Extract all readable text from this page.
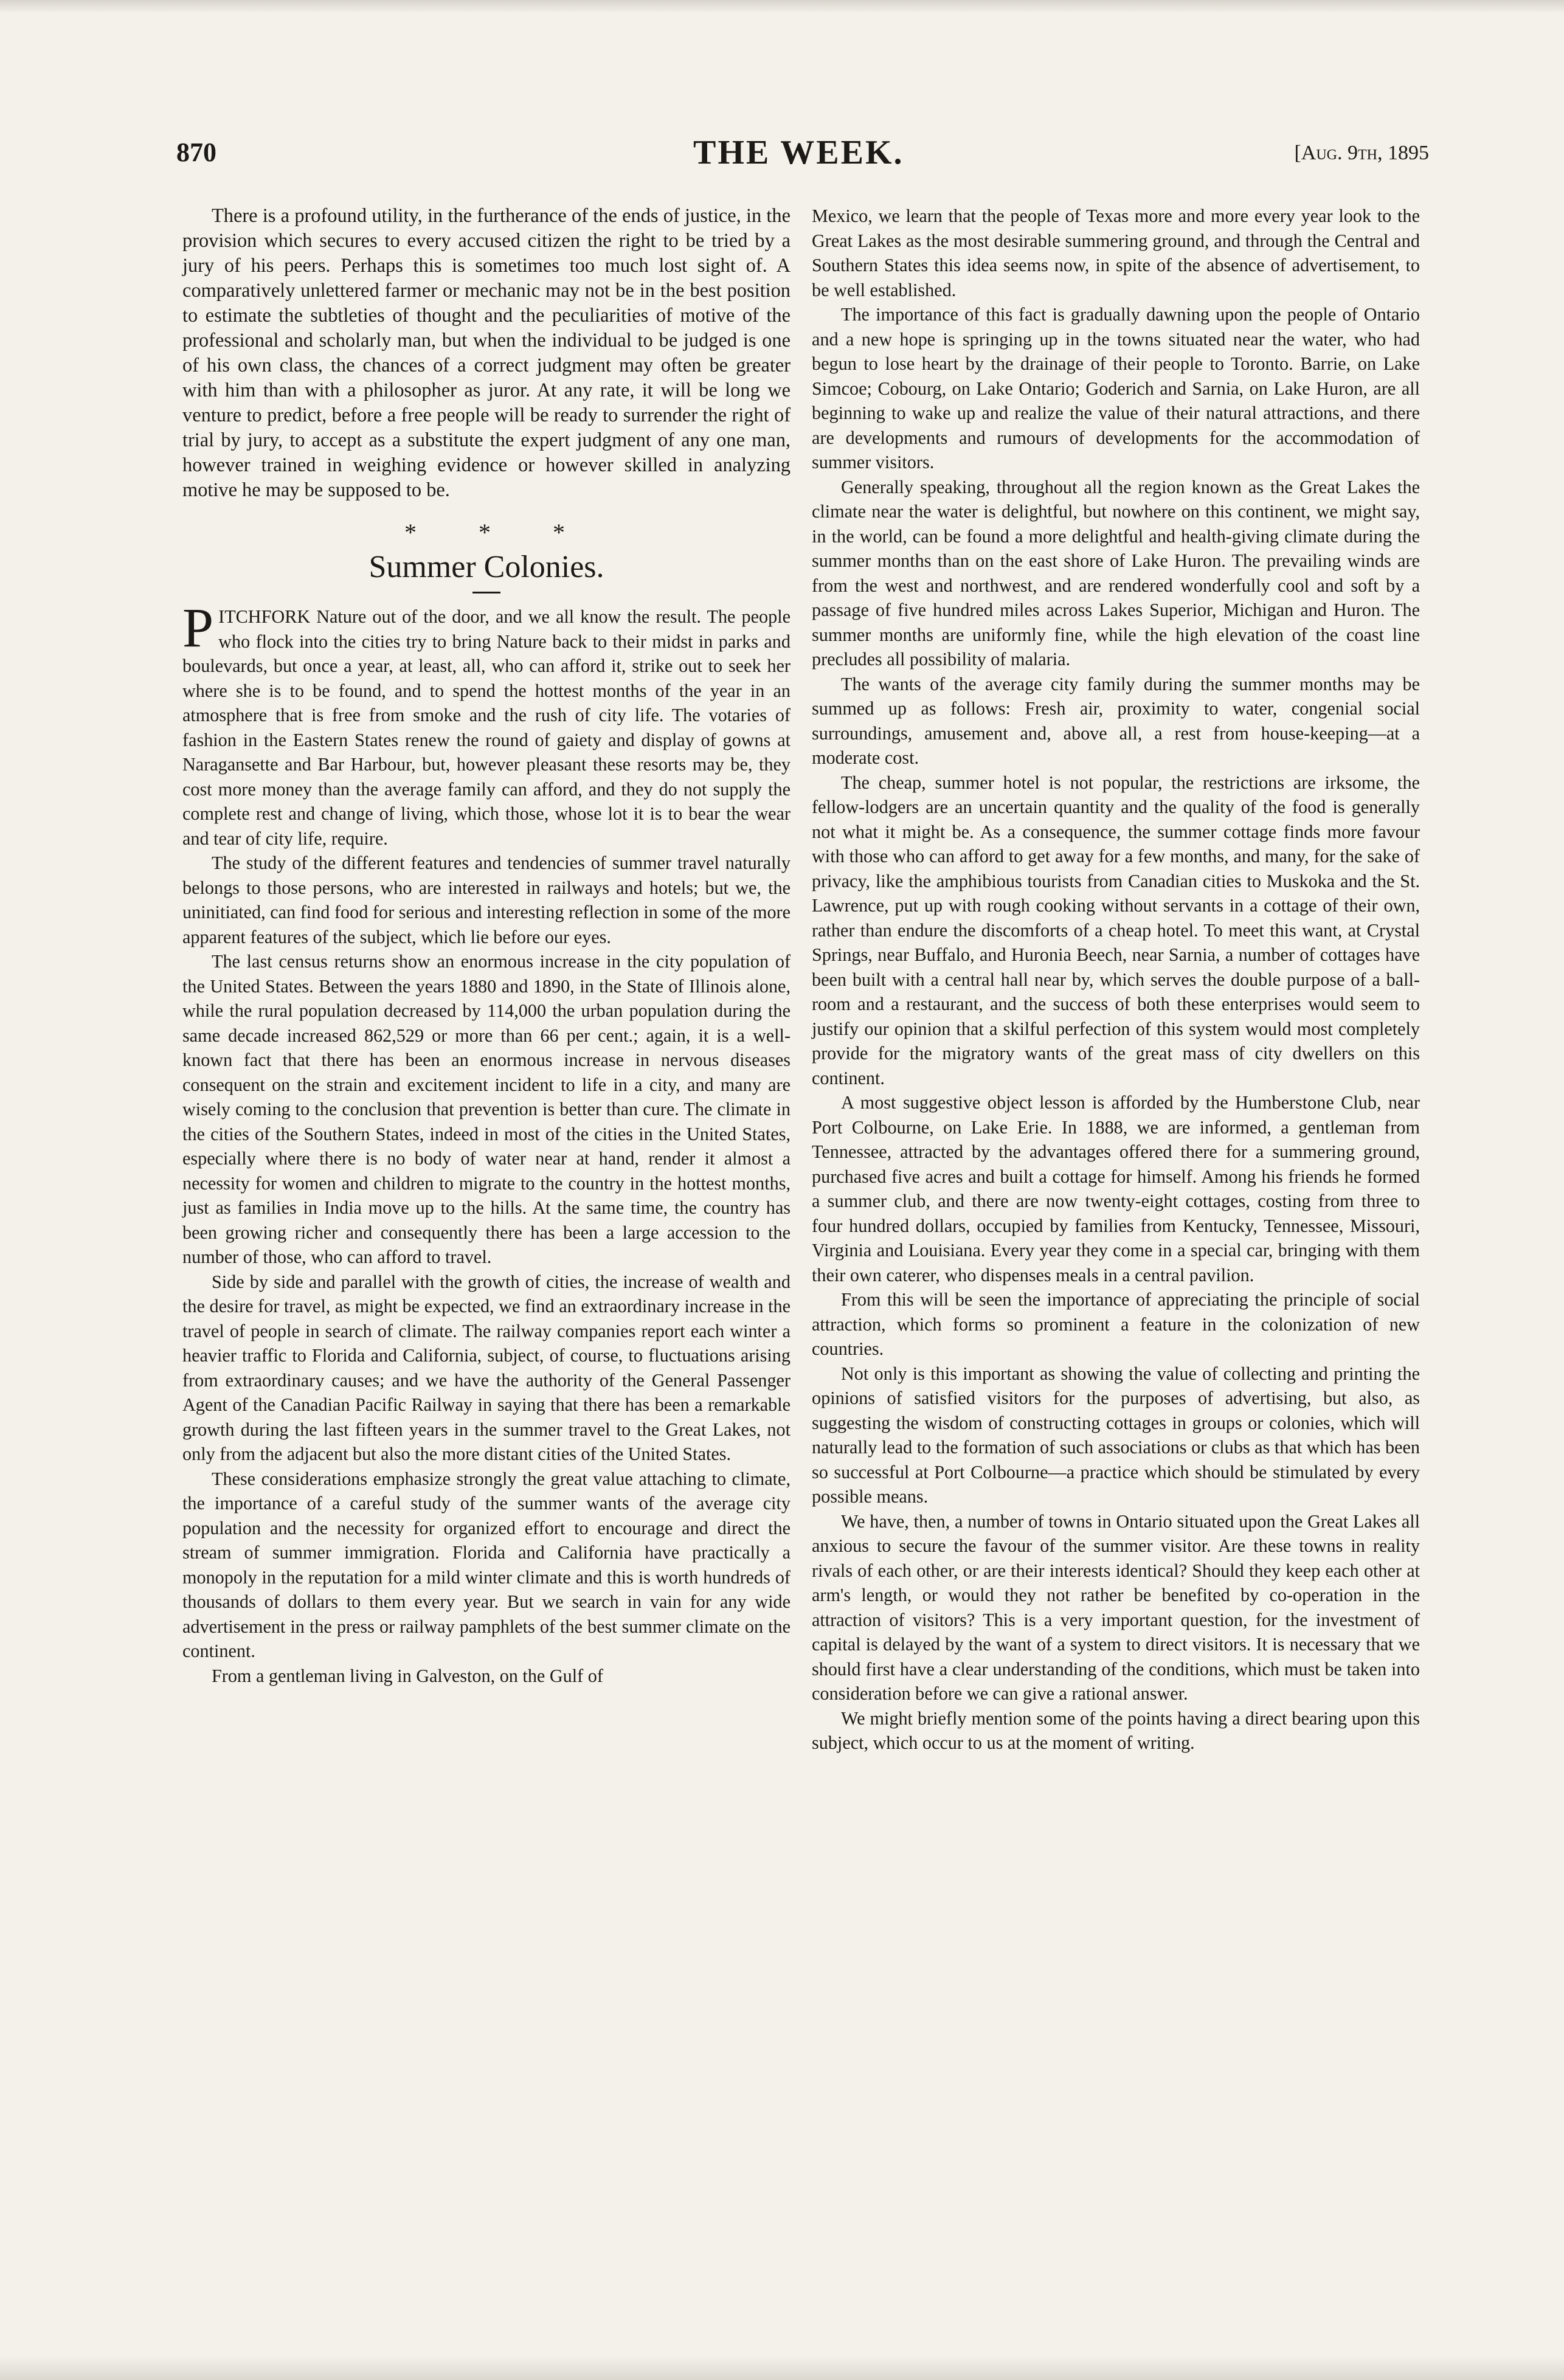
870	THE WEEK.	[Aug. 9th, 1895

There is a profound utility, in the furtherance of the ends of justice, in the provision which secures to every accused citizen the right to be tried by a jury of his peers. Perhaps this is sometimes too much lost sight of. A comparatively unlettered farmer or mechanic may not be in the best position to estimate the subtleties of thought and the peculiarities of motive of the professional and scholarly man, but when the individual to be judged is one of his own class, the chances of a correct judgment may often be greater with him than with a philosopher as juror. At any rate, it will be long we venture to predict, before a free people will be ready to surrender the right of trial by jury, to accept as a substitute the expert judgment of any one man, however trained in weighing evidence or however skilled in analyzing motive he may be supposed to be.

* * *
Summer Colonies.

PITCHFORK Nature out of the door, and we all know the result. The people who flock into the cities try to bring Nature back to their midst in parks and boulevards, but once a year, at least, all, who can afford it, strike out to seek her where she is to be found, and to spend the hottest months of the year in an atmosphere that is free from smoke and the rush of city life. The votaries of fashion in the Eastern States renew the round of gaiety and display of gowns at Naragansette and Bar Harbour, but, however pleasant these resorts may be, they cost more money than the average family can afford, and they do not supply the complete rest and change of living, which those, whose lot it is to bear the wear and tear of city life, require.

The study of the different features and tendencies of summer travel naturally belongs to those persons, who are interested in railways and hotels; but we, the uninitiated, can find food for serious and interesting reflection in some of the more apparent features of the subject, which lie before our eyes.

The last census returns show an enormous increase in the city population of the United States. Between the years 1880 and 1890, in the State of Illinois alone, while the rural population decreased by 114,000 the urban population during the same decade increased 862,529 or more than 66 per cent.; again, it is a well-known fact that there has been an enormous increase in nervous diseases consequent on the strain and excitement incident to life in a city, and many are wisely coming to the conclusion that prevention is better than cure. The climate in the cities of the Southern States, indeed in most of the cities in the United States, especially where there is no body of water near at hand, render it almost a necessity for women and children to migrate to the country in the hottest months, just as families in India move up to the hills. At the same time, the country has been growing richer and consequently there has been a large accession to the number of those, who can afford to travel.

Side by side and parallel with the growth of cities, the increase of wealth and the desire for travel, as might be expected, we find an extraordinary increase in the travel of people in search of climate. The railway companies report each winter a heavier traffic to Florida and California, subject, of course, to fluctuations arising from extraordinary causes; and we have the authority of the General Passenger Agent of the Canadian Pacific Railway in saying that there has been a remarkable growth during the last fifteen years in the summer travel to the Great Lakes, not only from the adjacent but also the more distant cities of the United States.

These considerations emphasize strongly the great value attaching to climate, the importance of a careful study of the summer wants of the average city population and the necessity for organized effort to encourage and direct the stream of summer immigration. Florida and California have practically a monopoly in the reputation for a mild winter climate and this is worth hundreds of thousands of dollars to them every year. But we search in vain for any wide advertisement in the press or railway pamphlets of the best summer climate on the continent.

From a gentleman living in Galveston, on the Gulf of

Mexico, we learn that the people of Texas more and more every year look to the Great Lakes as the most desirable summering ground, and through the Central and Southern States this idea seems now, in spite of the absence of advertisement, to be well established.

The importance of this fact is gradually dawning upon the people of Ontario and a new hope is springing up in the towns situated near the water, who had begun to lose heart by the drainage of their people to Toronto. Barrie, on Lake Simcoe; Cobourg, on Lake Ontario; Goderich and Sarnia, on Lake Huron, are all beginning to wake up and realize the value of their natural attractions, and there are developments and rumours of developments for the accommodation of summer visitors.

Generally speaking, throughout all the region known as the Great Lakes the climate near the water is delightful, but nowhere on this continent, we might say, in the world, can be found a more delightful and health-giving climate during the summer months than on the east shore of Lake Huron. The prevailing winds are from the west and northwest, and are rendered wonderfully cool and soft by a passage of five hundred miles across Lakes Superior, Michigan and Huron. The summer months are uniformly fine, while the high elevation of the coast line precludes all possibility of malaria.

The wants of the average city family during the summer months may be summed up as follows: Fresh air, proximity to water, congenial social surroundings, amusement and, above all, a rest from house-keeping—at a moderate cost.

The cheap, summer hotel is not popular, the restrictions are irksome, the fellow-lodgers are an uncertain quantity and the quality of the food is generally not what it might be. As a consequence, the summer cottage finds more favour with those who can afford to get away for a few months, and many, for the sake of privacy, like the amphibious tourists from Canadian cities to Muskoka and the St. Lawrence, put up with rough cooking without servants in a cottage of their own, rather than endure the discomforts of a cheap hotel. To meet this want, at Crystal Springs, near Buffalo, and Huronia Beech, near Sarnia, a number of cottages have been built with a central hall near by, which serves the double purpose of a ball-room and a restaurant, and the success of both these enterprises would seem to justify our opinion that a skilful perfection of this system would most completely provide for the migratory wants of the great mass of city dwellers on this continent.

A most suggestive object lesson is afforded by the Humberstone Club, near Port Colbourne, on Lake Erie. In 1888, we are informed, a gentleman from Tennessee, attracted by the advantages offered there for a summering ground, purchased five acres and built a cottage for himself. Among his friends he formed a summer club, and there are now twenty-eight cottages, costing from three to four hundred dollars, occupied by families from Kentucky, Tennessee, Missouri, Virginia and Louisiana. Every year they come in a special car, bringing with them their own caterer, who dispenses meals in a central pavilion.

From this will be seen the importance of appreciating the principle of social attraction, which forms so prominent a feature in the colonization of new countries.

Not only is this important as showing the value of collecting and printing the opinions of satisfied visitors for the purposes of advertising, but also, as suggesting the wisdom of constructing cottages in groups or colonies, which will naturally lead to the formation of such associations or clubs as that which has been so successful at Port Colbourne—a practice which should be stimulated by every possible means.

We have, then, a number of towns in Ontario situated upon the Great Lakes all anxious to secure the favour of the summer visitor. Are these towns in reality rivals of each other, or are their interests identical? Should they keep each other at arm's length, or would they not rather be benefited by co-operation in the attraction of visitors? This is a very important question, for the investment of capital is delayed by the want of a system to direct visitors. It is necessary that we should first have a clear understanding of the conditions, which must be taken into consideration before we can give a rational answer.

We might briefly mention some of the points having a direct bearing upon this subject, which occur to us at the moment of writing.
